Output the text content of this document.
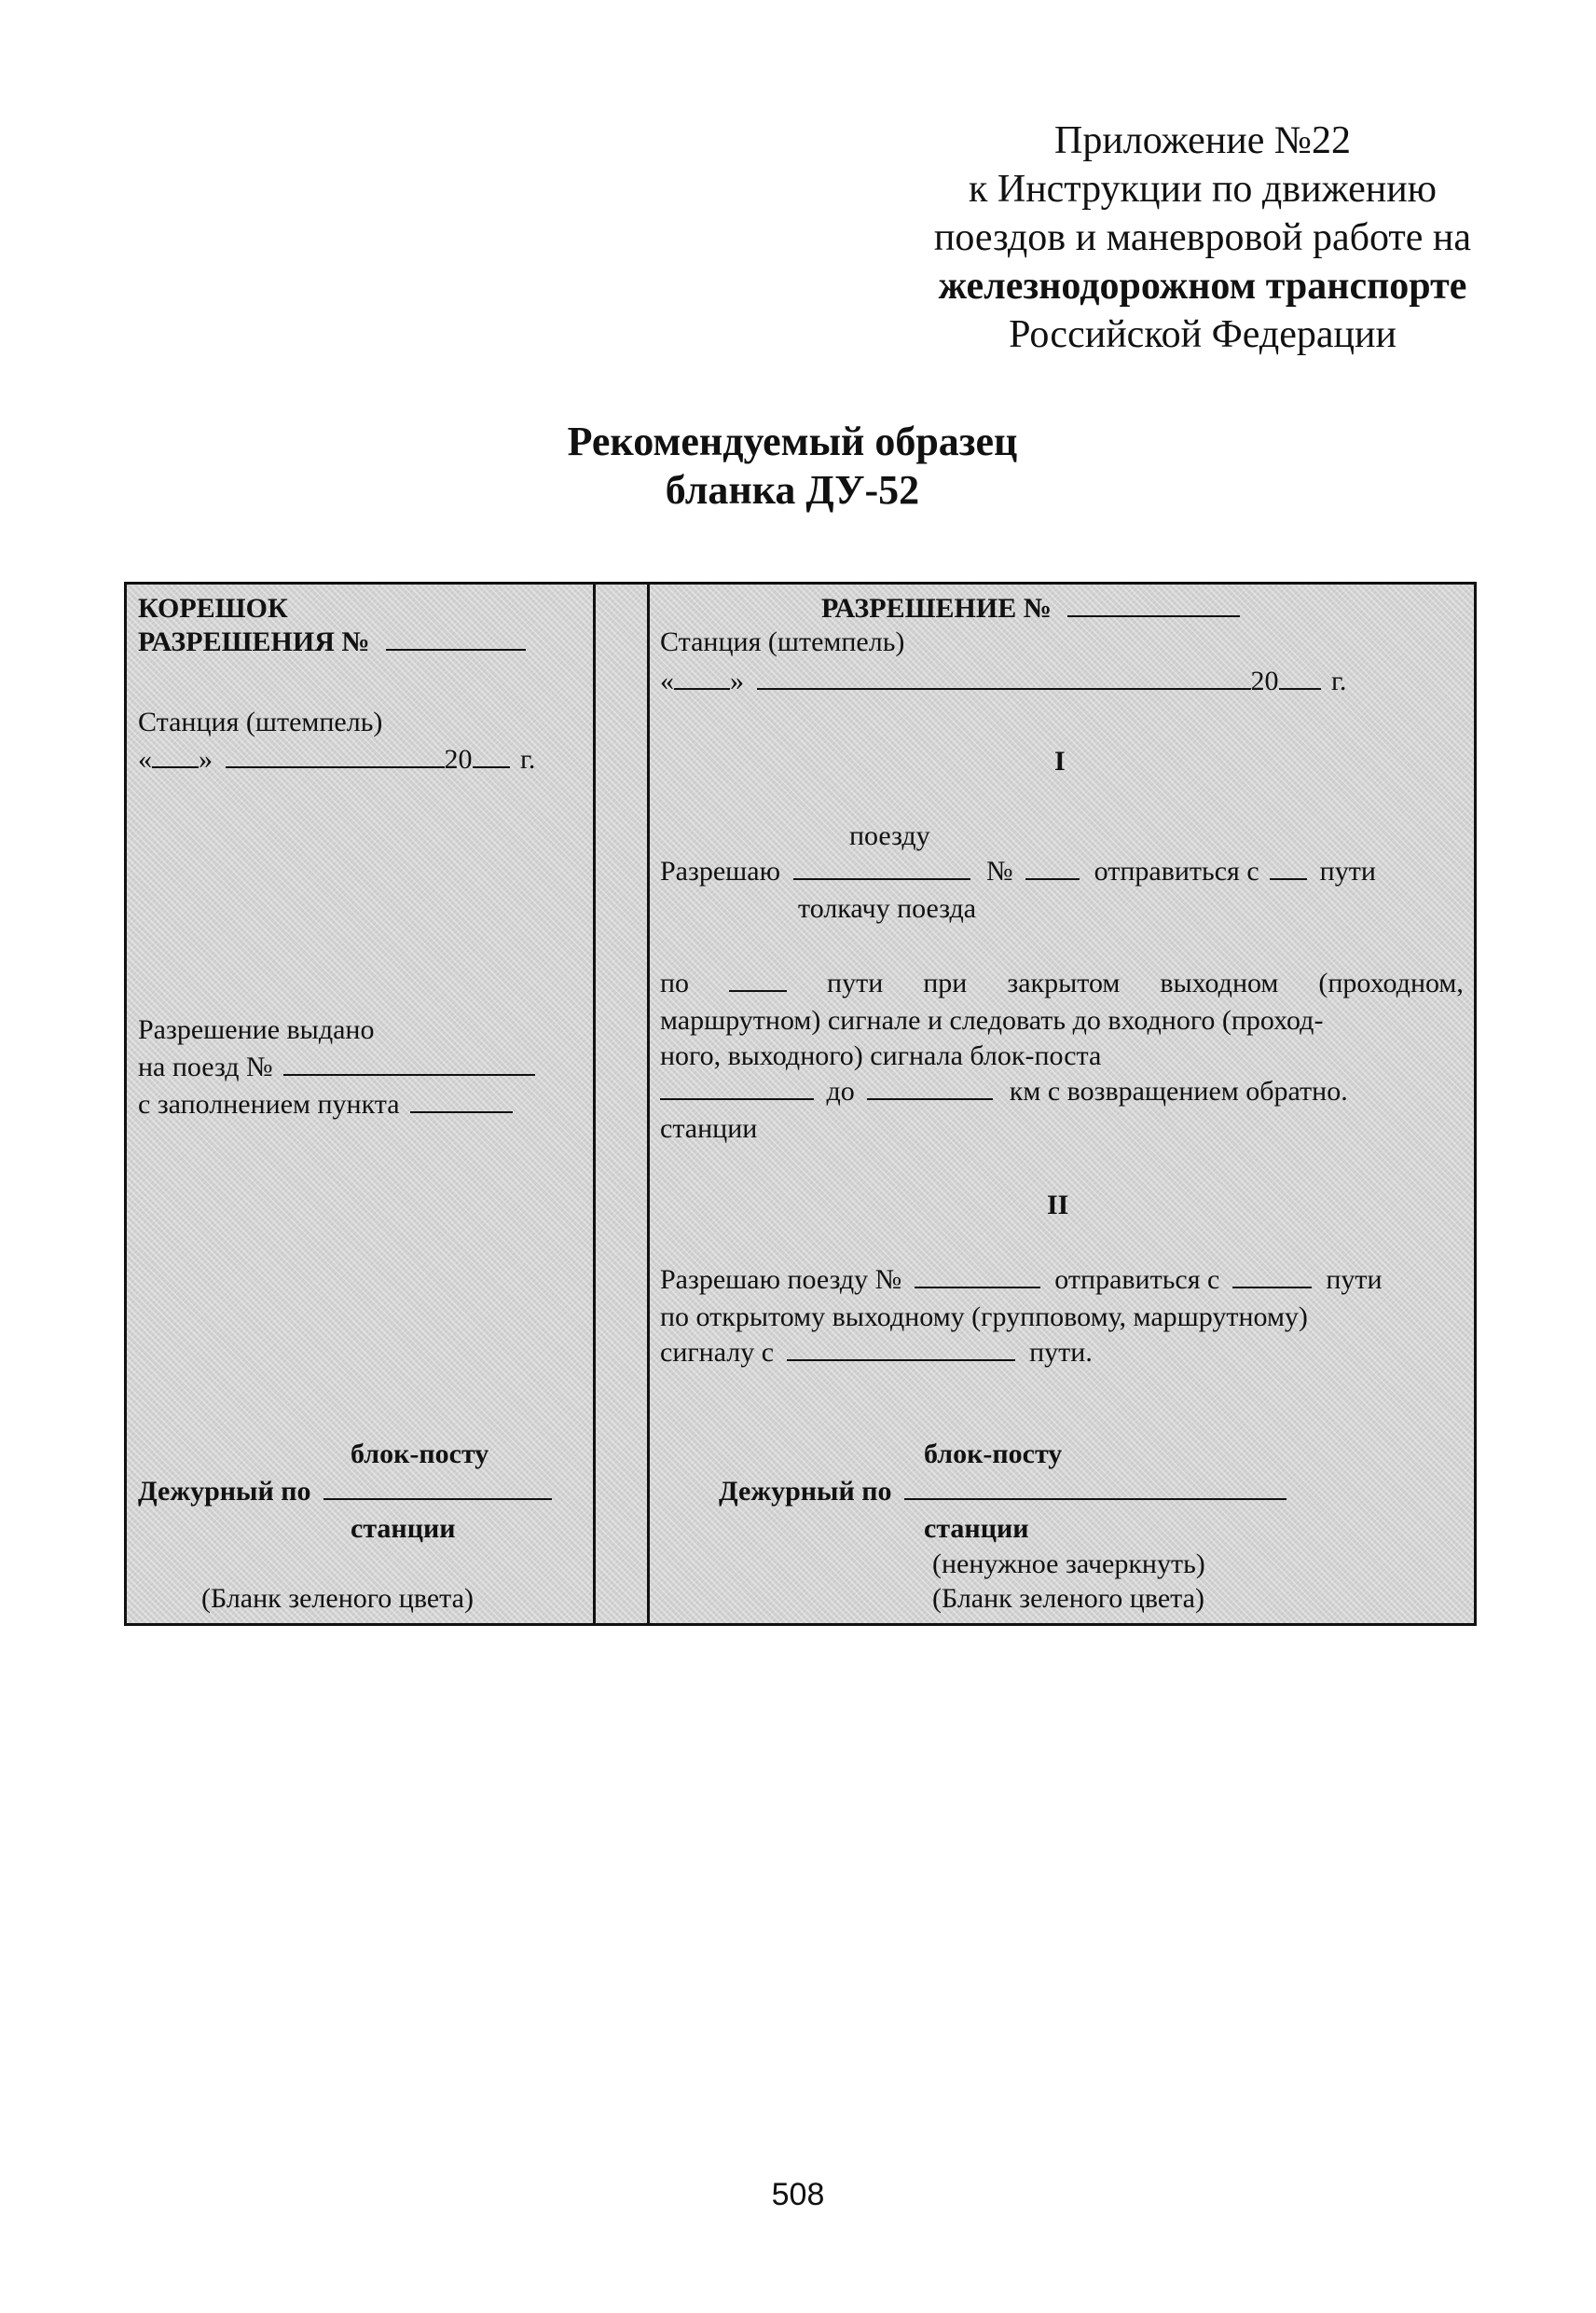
Приложение №22
к Инструкции по движению
поездов и маневровой работе на
железнодорожном транспорте
Российской Федерации
Рекомендуемый образец
бланка ДУ-52
КОРЕШОК
РАЗРЕШЕНИЯ №
Станция (штемпель)
« »	20 г.
Разрешение выдано
на поезд №
с заполнением пункта
блок-посту
Дежурный по
станции
(Бланк зеленого цвета)
РАЗРЕШЕНИЕ №
Станция (штемпель)
« »	20 г.
I
поезду
Разрешаю	№	отправиться с пути
толкачу поезда
по	пути при закрытом выходном (проходном,
маршрутном) сигнале и следовать до входного (проход-
ного, выходного) сигнала блок-поста
до	км с возвращением обратно.
станции
II
Разрешаю поезду №	отправиться с	пути
по открытому выходному (групповому, маршрутному)
сигналу с	пути.
блок-посту
Дежурный по
станции
(ненужное зачеркнуть)
(Бланк зеленого цвета)
508
